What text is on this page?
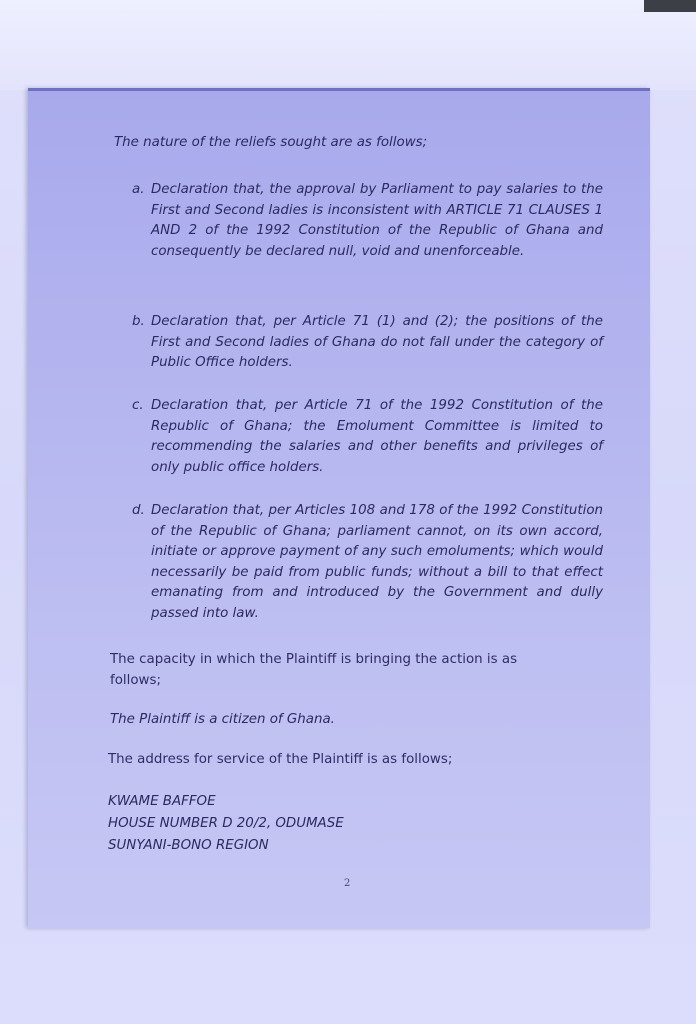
The nature of the reliefs sought are as follows;
a. Declaration that, the approval by Parliament to pay salaries to the First and Second ladies is inconsistent with ARTICLE 71 CLAUSES 1 AND 2 of the 1992 Constitution of the Republic of Ghana and consequently be declared null, void and unenforceable.
b. Declaration that, per Article 71 (1) and (2); the positions of the First and Second ladies of Ghana do not fall under the category of Public Office holders.
c. Declaration that, per Article 71 of the 1992 Constitution of the Republic of Ghana; the Emolument Committee is limited to recommending the salaries and other benefits and privileges of only public office holders.
d. Declaration that, per Articles 108 and 178 of the 1992 Constitution of the Republic of Ghana; parliament cannot, on its own accord, initiate or approve payment of any such emoluments; which would necessarily be paid from public funds; without a bill to that effect emanating from and introduced by the Government and dully passed into law.
The capacity in which the Plaintiff is bringing the action is as follows;
The Plaintiff is a citizen of Ghana.
The address for service of the Plaintiff is as follows;
KWAME BAFFOE
HOUSE NUMBER D 20/2, ODUMASE
SUNYANI-BONO REGION
2
